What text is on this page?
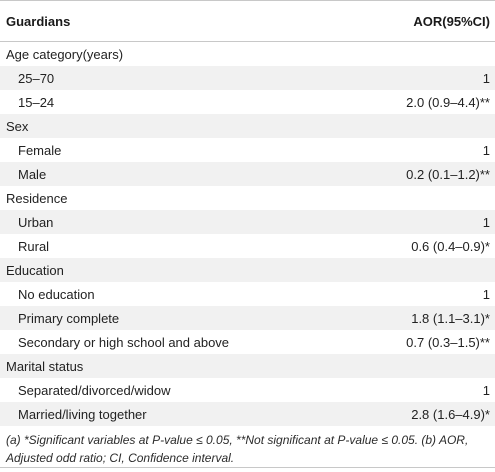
Guardians	AOR(95%CI)
Age category(years)
25–70	1
15–24	2.0 (0.9–4.4)**
Sex
Female	1
Male	0.2 (0.1–1.2)**
Residence
Urban	1
Rural	0.6 (0.4–0.9)*
Education
No education	1
Primary complete	1.8 (1.1–3.1)*
Secondary or high school and above	0.7 (0.3–1.5)**
Marital status
Separated/divorced/widow	1
Married/living together	2.8 (1.6–4.9)*
(a) *Significant variables at P-value ≤ 0.05, **Not significant at P-value ≤ 0.05. (b) AOR, Adjusted odd ratio; CI, Confidence interval.
